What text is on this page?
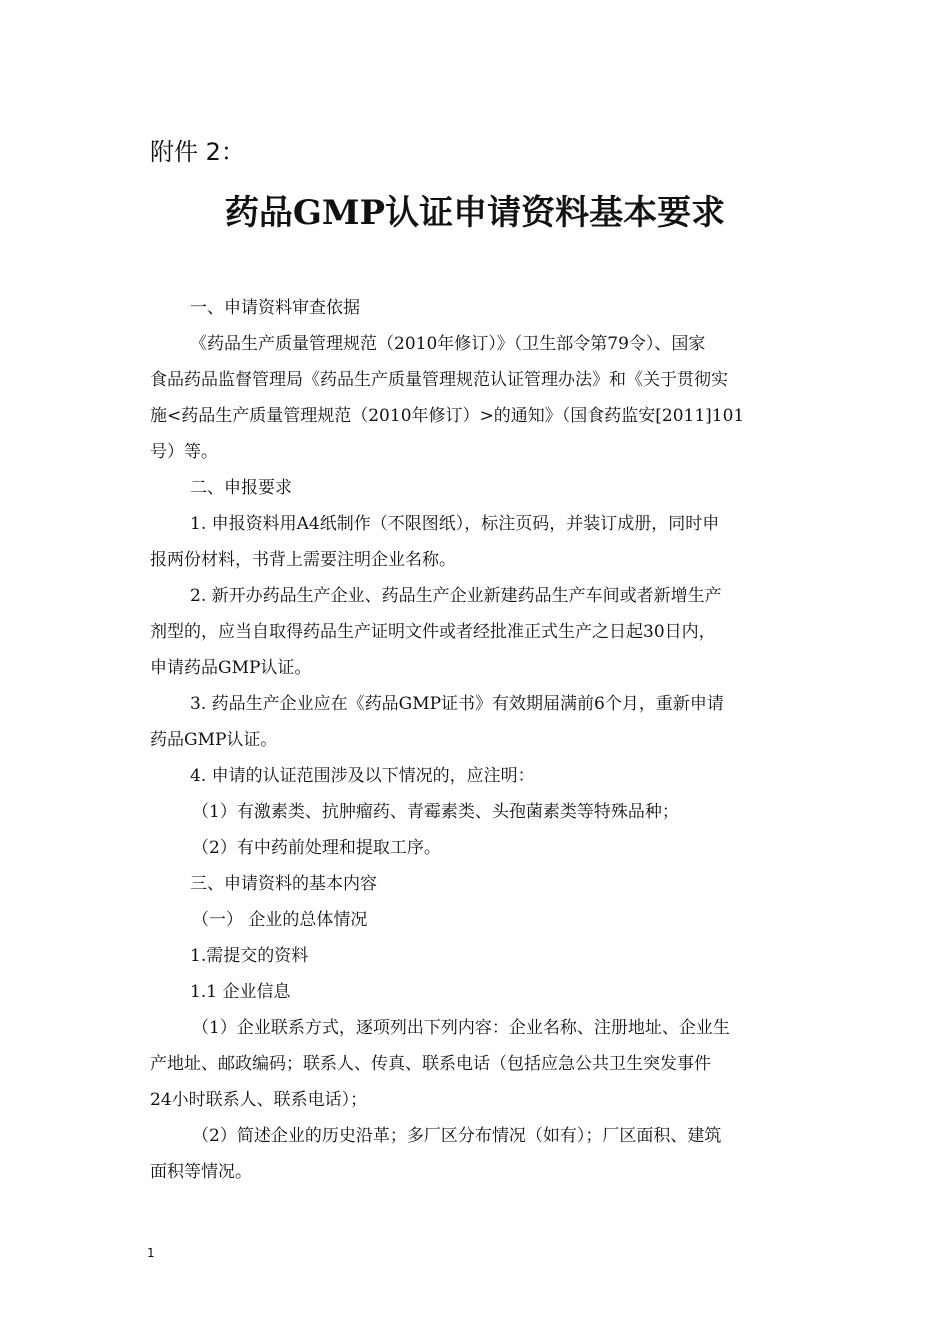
附件 2：
药品GMP认证申请资料基本要求

一、申请资料审查依据

《药品生产质量管理规范（2010年修订）》（卫生部令第79令）、国家

食品药品监督管理局《药品生产质量管理规范认证管理办法》和《关于贯彻实

施<药品生产质量管理规范（2010年修订）>的通知》（国食药监安[2011]101

号）等。

二、申报要求

1. 申报资料用A4纸制作（不限图纸），标注页码，并装订成册，同时申

报两份材料，书背上需要注明企业名称。

2. 新开办药品生产企业、药品生产企业新建药品生产车间或者新增生产

剂型的，应当自取得药品生产证明文件或者经批准正式生产之日起30日内，

申请药品GMP认证。

3. 药品生产企业应在《药品GMP证书》有效期届满前6个月，重新申请

药品GMP认证。

4. 申请的认证范围涉及以下情况的，应注明：

（1）有激素类、抗肿瘤药、青霉素类、头孢菌素类等特殊品种；

（2）有中药前处理和提取工序。

三、申请资料的基本内容

（一） 企业的总体情况

1.需提交的资料

1.1 企业信息

（1）企业联系方式，逐项列出下列内容：企业名称、注册地址、企业生

产地址、邮政编码；联系人、传真、联系电话（包括应急公共卫生突发事件

24小时联系人、联系电话）；

（2）简述企业的历史沿革；多厂区分布情况（如有）；厂区面积、建筑

面积等情况。

1
